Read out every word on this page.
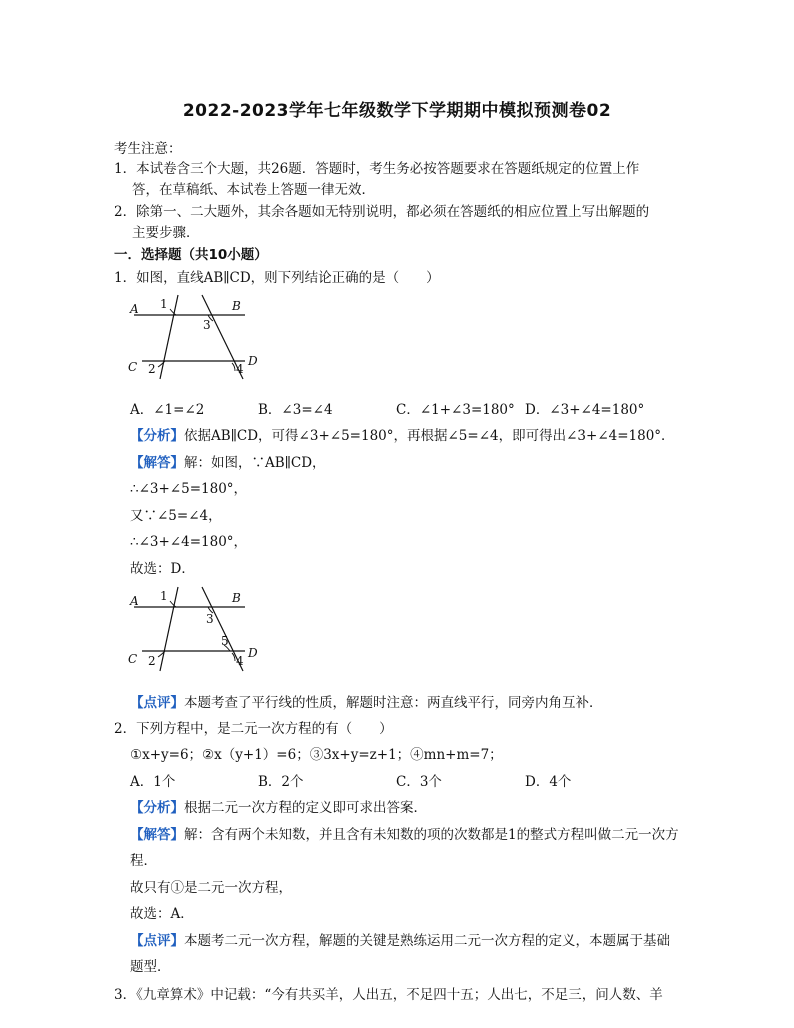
2022-2023学年七年级数学下学期期中模拟预测卷02
考生注意：
1．本试卷含三个大题，共26题．答题时，考生务必按答题要求在答题纸规定的位置上作
答，在草稿纸、本试卷上答题一律无效．
2．除第一、二大题外，其余各题如无特别说明，都必须在答题纸的相应位置上写出解题的
主要步骤．
一．选择题（共10小题）
1．如图，直线AB∥CD，则下列结论正确的是（　　）
A	B
C	D
1
3
2	4
A．∠1=∠2	B．∠3=∠4	C．∠1+∠3=180° D．∠3+∠4=180°
【分析】依据AB∥CD，可得∠3+∠5=180°，再根据∠5=∠4，即可得出∠3+∠4=180°．
【解答】解：如图，∵AB∥CD，
∴∠3+∠5=180°，
又∵∠5=∠4，
∴∠3+∠4=180°，
故选：D．
A	B
C	D
1
3
5
2	4
【点评】本题考查了平行线的性质，解题时注意：两直线平行，同旁内角互补．
2．下列方程中，是二元一次方程的有（　　）
①x+y=6；②x（y+1）=6；③3x+y=z+1；④mn+m=7；
A．1个	B．2个	C．3个	D．4个
【分析】根据二元一次方程的定义即可求出答案．
【解答】解：含有两个未知数，并且含有未知数的项的次数都是1的整式方程叫做二元一次方
程．
故只有①是二元一次方程，
故选：A．
【点评】本题考二元一次方程，解题的关键是熟练运用二元一次方程的定义，本题属于基础
题型．
3．《九章算术》中记载：“今有共买羊，人出五，不足四十五；人出七，不足三，问人数、羊
